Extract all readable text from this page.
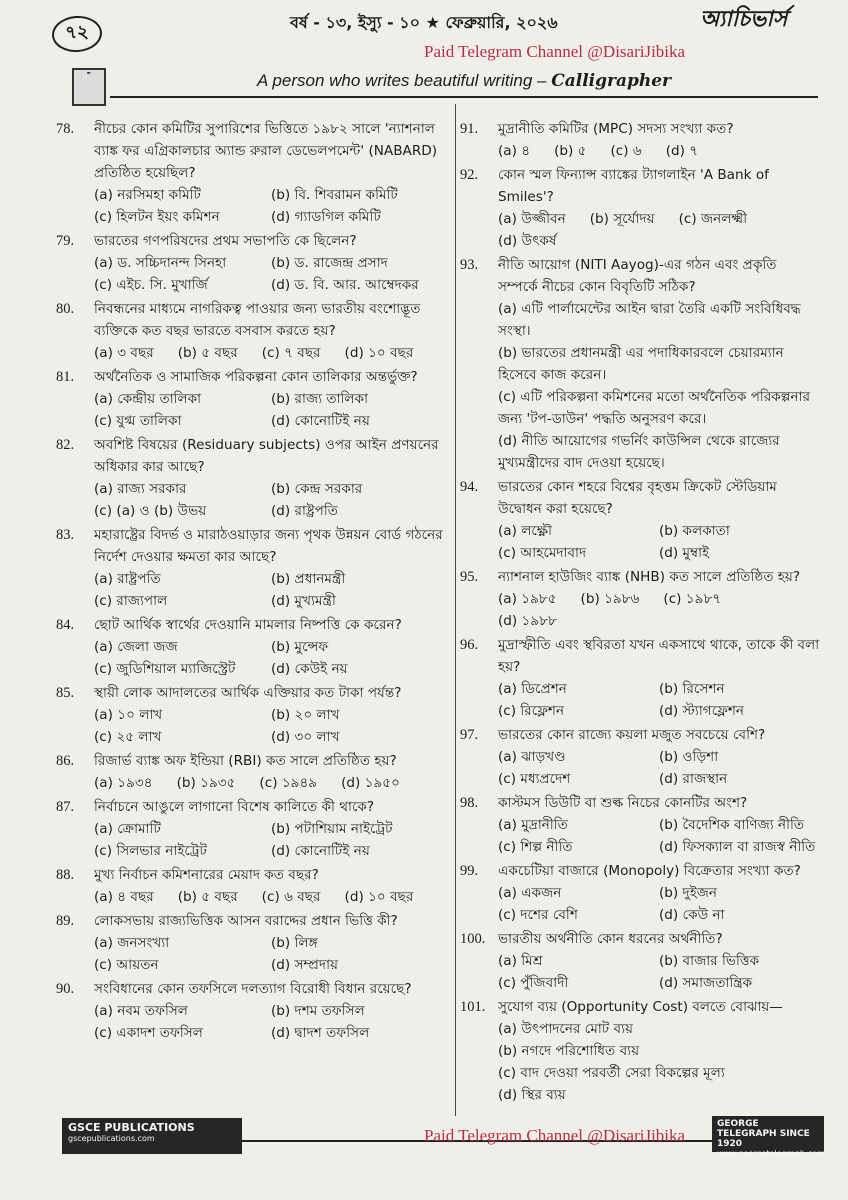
৭২	বর্ষ - ১৩, ইস্যু - ১০ ★ ফেব্রুয়ারি, ২০২৬	অ্যাচিভার্স
Paid Telegram Channel @DisariJibika
✒	A person who writes beautiful writing – Calligrapher
78. নীচের কোন কমিটির সুপারিশের ভিত্তিতে ১৯৮২ সালে 'ন্যাশনাল ব্যাঙ্ক ফর এগ্রিকালচার অ্যান্ড রুরাল ডেভেলপমেন্ট' (NABARD) প্রতিষ্ঠিত হয়েছিল?
(a) নরসিমহা কমিটি	(b) বি. শিবরামন কমিটি
(c) হিলটন ইয়ং কমিশন	(d) গ্যাডগিল কমিটি
79. ভারতের গণপরিষদের প্রথম সভাপতি কে ছিলেন?
(a) ড. সচ্চিদানন্দ সিনহা	(b) ড. রাজেন্দ্র প্রসাদ
(c) এইচ. সি. মুখার্জি	(d) ড. বি. আর. আম্বেদকর
80. নিবন্ধনের মাধ্যমে নাগরিকত্ব পাওয়ার জন্য ভারতীয় বংশোদ্ভূত ব্যক্তিকে কত বছর ভারতে বসবাস করতে হয়?
(a) ৩ বছর (b) ৫ বছর (c) ৭ বছর (d) ১০ বছর
81. অর্থনৈতিক ও সামাজিক পরিকল্পনা কোন তালিকার অন্তর্ভুক্ত?
(a) কেন্দ্রীয় তালিকা	(b) রাজ্য তালিকা
(c) যুগ্ম তালিকা	(d) কোনোটিই নয়
82. অবশিষ্ট বিষয়ের (Residuary subjects) ওপর আইন প্রণয়নের অধিকার কার আছে?
(a) রাজ্য সরকার	(b) কেন্দ্র সরকার
(c) (a) ও (b) উভয়	(d) রাষ্ট্রপতি
83. মহারাষ্ট্রের বিদর্ভ ও মারাঠওয়াড়ার জন্য পৃথক উন্নয়ন বোর্ড গঠনের নির্দেশ দেওয়ার ক্ষমতা কার আছে?
(a) রাষ্ট্রপতি	(b) প্রধানমন্ত্রী
(c) রাজ্যপাল	(d) মুখ্যমন্ত্রী
84. ছোট আর্থিক স্বার্থের দেওয়ানি মামলার নিষ্পত্তি কে করেন?
(a) জেলা জজ	(b) মুন্সেফ
(c) জুডিশিয়াল ম্যাজিস্ট্রেট	(d) কেউই নয়
85. স্থায়ী লোক আদালতের আর্থিক এক্তিয়ার কত টাকা পর্যন্ত?
(a) ১০ লাখ	(b) ২০ লাখ
(c) ২৫ লাখ	(d) ৩০ লাখ
86. রিজার্ভ ব্যাঙ্ক অফ ইন্ডিয়া (RBI) কত সালে প্রতিষ্ঠিত হয়?
(a) ১৯৩৪ (b) ১৯৩৫ (c) ১৯৪৯ (d) ১৯৫০
87. নির্বাচনে আঙুলে লাগানো বিশেষ কালিতে কী থাকে?
(a) ক্রোমাটি	(b) পটাশিয়াম নাইট্রেট
(c) সিলভার নাইট্রেট	(d) কোনোটিই নয়
88. মুখ্য নির্বাচন কমিশনারের মেয়াদ কত বছর?
(a) ৪ বছর (b) ৫ বছর (c) ৬ বছর (d) ১০ বছর
89. লোকসভায় রাজ্যভিত্তিক আসন বরাদ্দের প্রধান ভিত্তি কী?
(a) জনসংখ্যা	(b) লিঙ্গ
(c) আয়তন	(d) সম্প্রদায়
90. সংবিধানের কোন তফসিলে দলত্যাগ বিরোধী বিধান রয়েছে?
(a) নবম তফসিল	(b) দশম তফসিল
(c) একাদশ তফসিল	(d) দ্বাদশ তফসিল
91. মুদ্রানীতি কমিটির (MPC) সদস্য সংখ্যা কত?
(a) ৪ (b) ৫ (c) ৬ (d) ৭
92. কোন স্মল ফিন্যান্স ব্যাঙ্কের ট্যাগলাইন 'A Bank of Smiles'?
(a) উজ্জীবন (b) সূর্যোদয় (c) জনলক্ষ্মী
(d) উৎকর্ষ
93. নীতি আয়োগ (NITI Aayog)-এর গঠন এবং প্রকৃতি সম্পর্কে নীচের কোন বিবৃতিটি সঠিক?
(a) এটি পার্লামেন্টের আইন দ্বারা তৈরি একটি সংবিধিবদ্ধ সংস্থা।
(b) ভারতের প্রধানমন্ত্রী এর পদাধিকারবলে চেয়ারম্যান হিসেবে কাজ করেন।
(c) এটি পরিকল্পনা কমিশনের মতো অর্থনৈতিক পরিকল্পনার জন্য 'টপ-ডাউন' পদ্ধতি অনুসরণ করে।
(d) নীতি আয়োগের গভর্নিং কাউন্সিল থেকে রাজ্যের মুখ্যমন্ত্রীদের বাদ দেওয়া হয়েছে।
94. ভারতের কোন শহরে বিশ্বের বৃহত্তম ক্রিকেট স্টেডিয়াম উদ্বোধন করা হয়েছে?
(a) লক্ষ্ণৌ	(b) কলকাতা
(c) আহমেদাবাদ	(d) মুম্বাই
95. ন্যাশনাল হাউজিং ব্যাঙ্ক (NHB) কত সালে প্রতিষ্ঠিত হয়?
(a) ১৯৮৫ (b) ১৯৮৬ (c) ১৯৮৭
(d) ১৯৮৮
96. মুদ্রাস্ফীতি এবং স্থবিরতা যখন একসাথে থাকে, তাকে কী বলা হয়?
(a) ডিপ্রেশন	(b) রিসেশন
(c) রিফ্লেশন	(d) স্ট্যাগফ্লেশন
97. ভারতের কোন রাজ্যে কয়লা মজুত সবচেয়ে বেশি?
(a) ঝাড়খণ্ড	(b) ওড়িশা
(c) মধ্যপ্রদেশ	(d) রাজস্থান
98. কাস্টমস ডিউটি বা শুল্ক নিচের কোনটির অংশ?
(a) মুদ্রানীতি	(b) বৈদেশিক বাণিজ্য নীতি
(c) শিল্প নীতি	(d) ফিসক্যাল বা রাজস্ব নীতি
99. একচেটিয়া বাজারে (Monopoly) বিক্রেতার সংখ্যা কত?
(a) একজন	(b) দুইজন
(c) দশের বেশি	(d) কেউ না
100. ভারতীয় অর্থনীতি কোন ধরনের অর্থনীতি?
(a) মিশ্র	(b) বাজার ভিত্তিক
(c) পুঁজিবাদী	(d) সমাজতান্ত্রিক
101. সুযোগ ব্যয় (Opportunity Cost) বলতে বোঝায়—
(a) উৎপাদনের মোট ব্যয়
(b) নগদে পরিশোধিত ব্যয়
(c) বাদ দেওয়া পরবর্তী সেরা বিকল্পের মূল্য
(d) স্থির ব্যয়
GSCE PUBLICATIONS
gscepublications.com	Paid Telegram Channel @DisariJibika
GEORGE TELEGRAPH SINCE 1920
www.georgetelegraph.com
